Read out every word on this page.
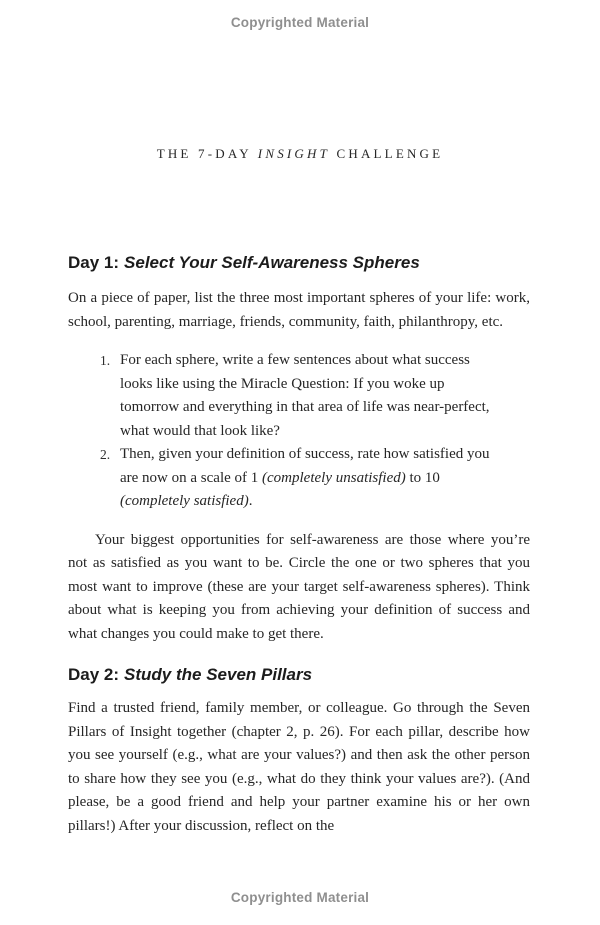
Copyrighted Material
THE 7-DAY INSIGHT CHALLENGE
Day 1: Select Your Self-Awareness Spheres

On a piece of paper, list the three most important spheres of your life: work, school, parenting, marriage, friends, community, faith, philanthropy, etc.

1. For each sphere, write a few sentences about what success looks like using the Miracle Question: If you woke up tomorrow and everything in that area of life was near-perfect, what would that look like?
2. Then, given your definition of success, rate how satisfied you are now on a scale of 1 (completely unsatisfied) to 10 (completely satisfied).

Your biggest opportunities for self-awareness are those where you’re not as satisfied as you want to be. Circle the one or two spheres that you most want to improve (these are your target self-awareness spheres). Think about what is keeping you from achieving your definition of success and what changes you could make to get there.

Day 2: Study the Seven Pillars

Find a trusted friend, family member, or colleague. Go through the Seven Pillars of Insight together (chapter 2, p. 26). For each pillar, describe how you see yourself (e.g., what are your values?) and then ask the other person to share how they see you (e.g., what do they think your values are?). (And please, be a good friend and help your partner examine his or her own pillars!) After your discussion, reflect on the

Copyrighted Material
